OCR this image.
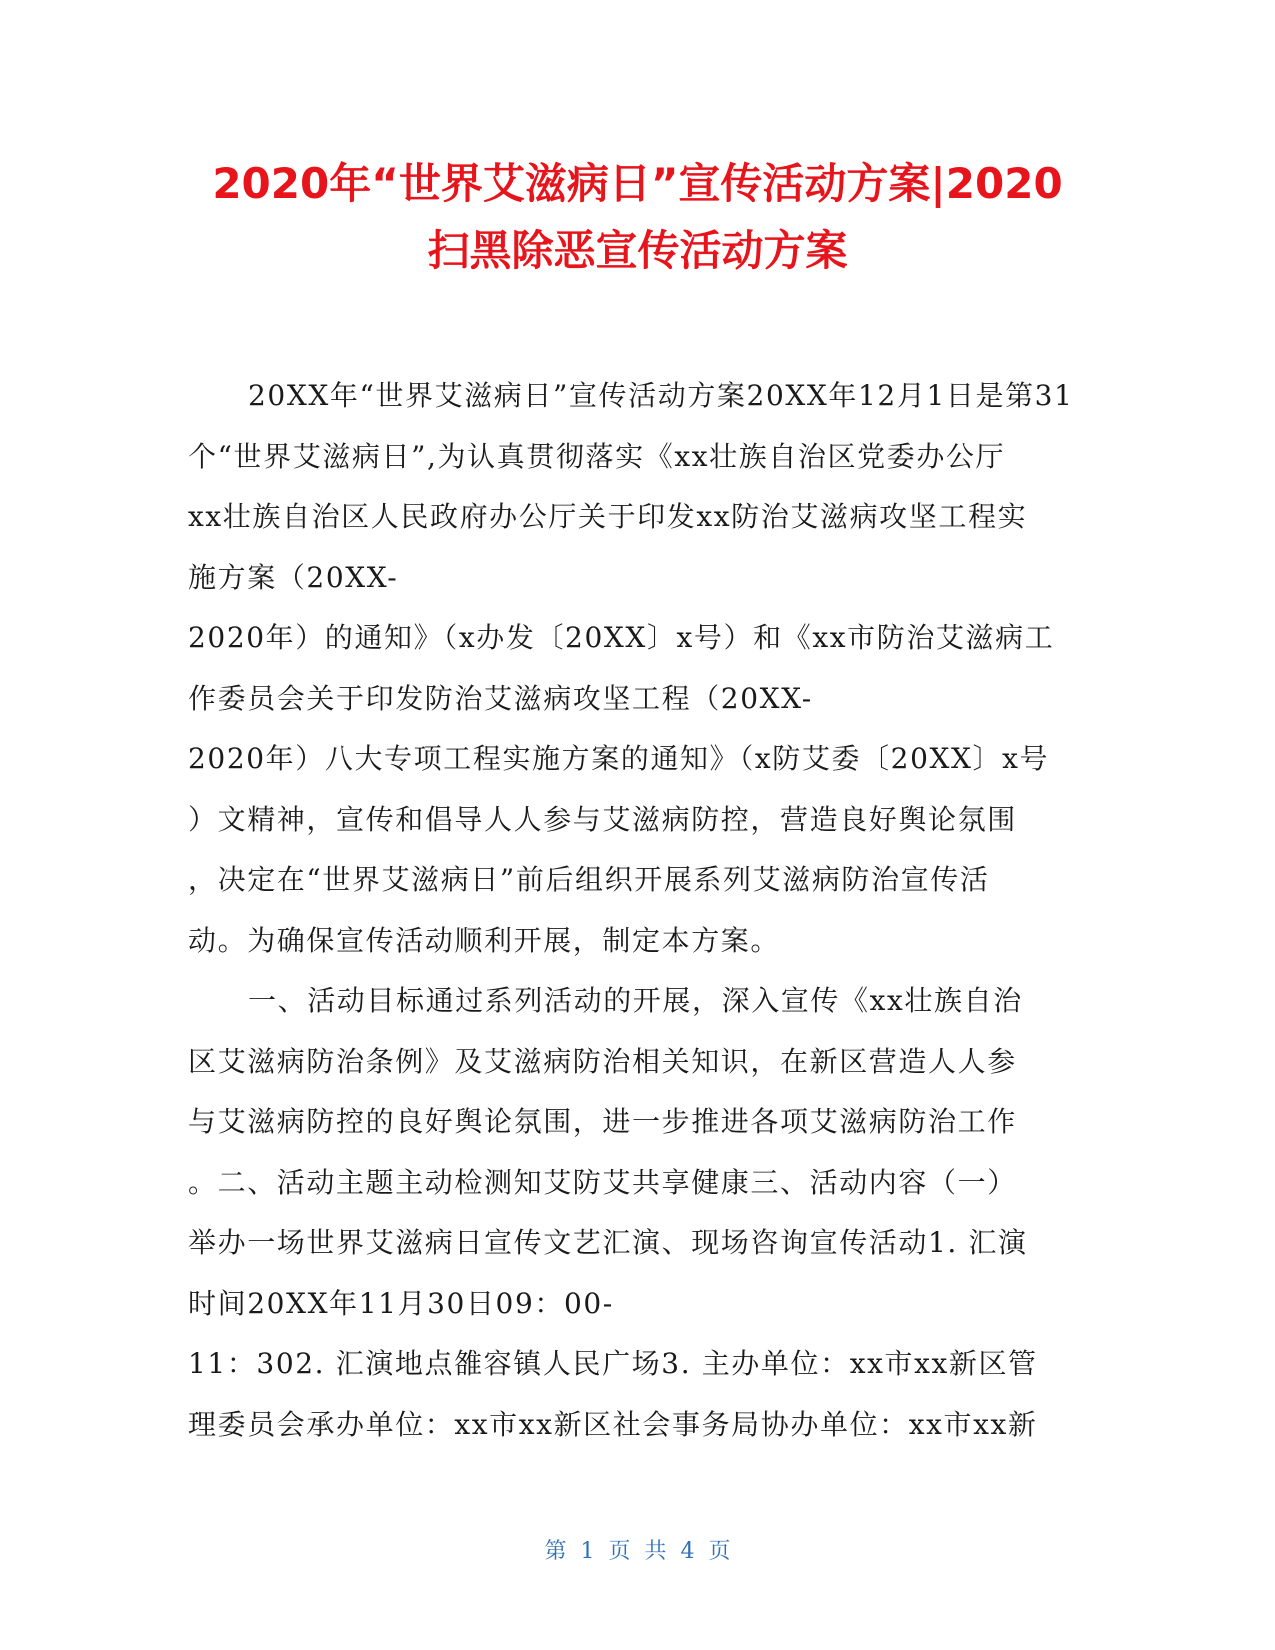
2020年“世界艾滋病日”宣传活动方案|2020
扫黑除恶宣传活动方案
20XX年“世界艾滋病日”宣传活动方案20XX年12月1日是第31
个“世界艾滋病日”,为认真贯彻落实《xx壮族自治区党委办公厅
xx壮族自治区人民政府办公厅关于印发xx防治艾滋病攻坚工程实
施方案（20XX-
2020年）的通知》（x办发〔20XX〕x号）和《xx市防治艾滋病工
作委员会关于印发防治艾滋病攻坚工程（20XX-
2020年）八大专项工程实施方案的通知》（x防艾委〔20XX〕x号
）文精神，宣传和倡导人人参与艾滋病防控，营造良好舆论氛围
，决定在“世界艾滋病日”前后组织开展系列艾滋病防治宣传活
动。为确保宣传活动顺利开展，制定本方案。
一、活动目标通过系列活动的开展，深入宣传《xx壮族自治
区艾滋病防治条例》及艾滋病防治相关知识，在新区营造人人参
与艾滋病防控的良好舆论氛围，进一步推进各项艾滋病防治工作
。二、活动主题主动检测知艾防艾共享健康三、活动内容（一）
举办一场世界艾滋病日宣传文艺汇演、现场咨询宣传活动1. 汇演
时间20XX年11月30日09：00-
11：302. 汇演地点雒容镇人民广场3. 主办单位：xx市xx新区管
理委员会承办单位：xx市xx新区社会事务局协办单位：xx市xx新
第 1 页 共 4 页
